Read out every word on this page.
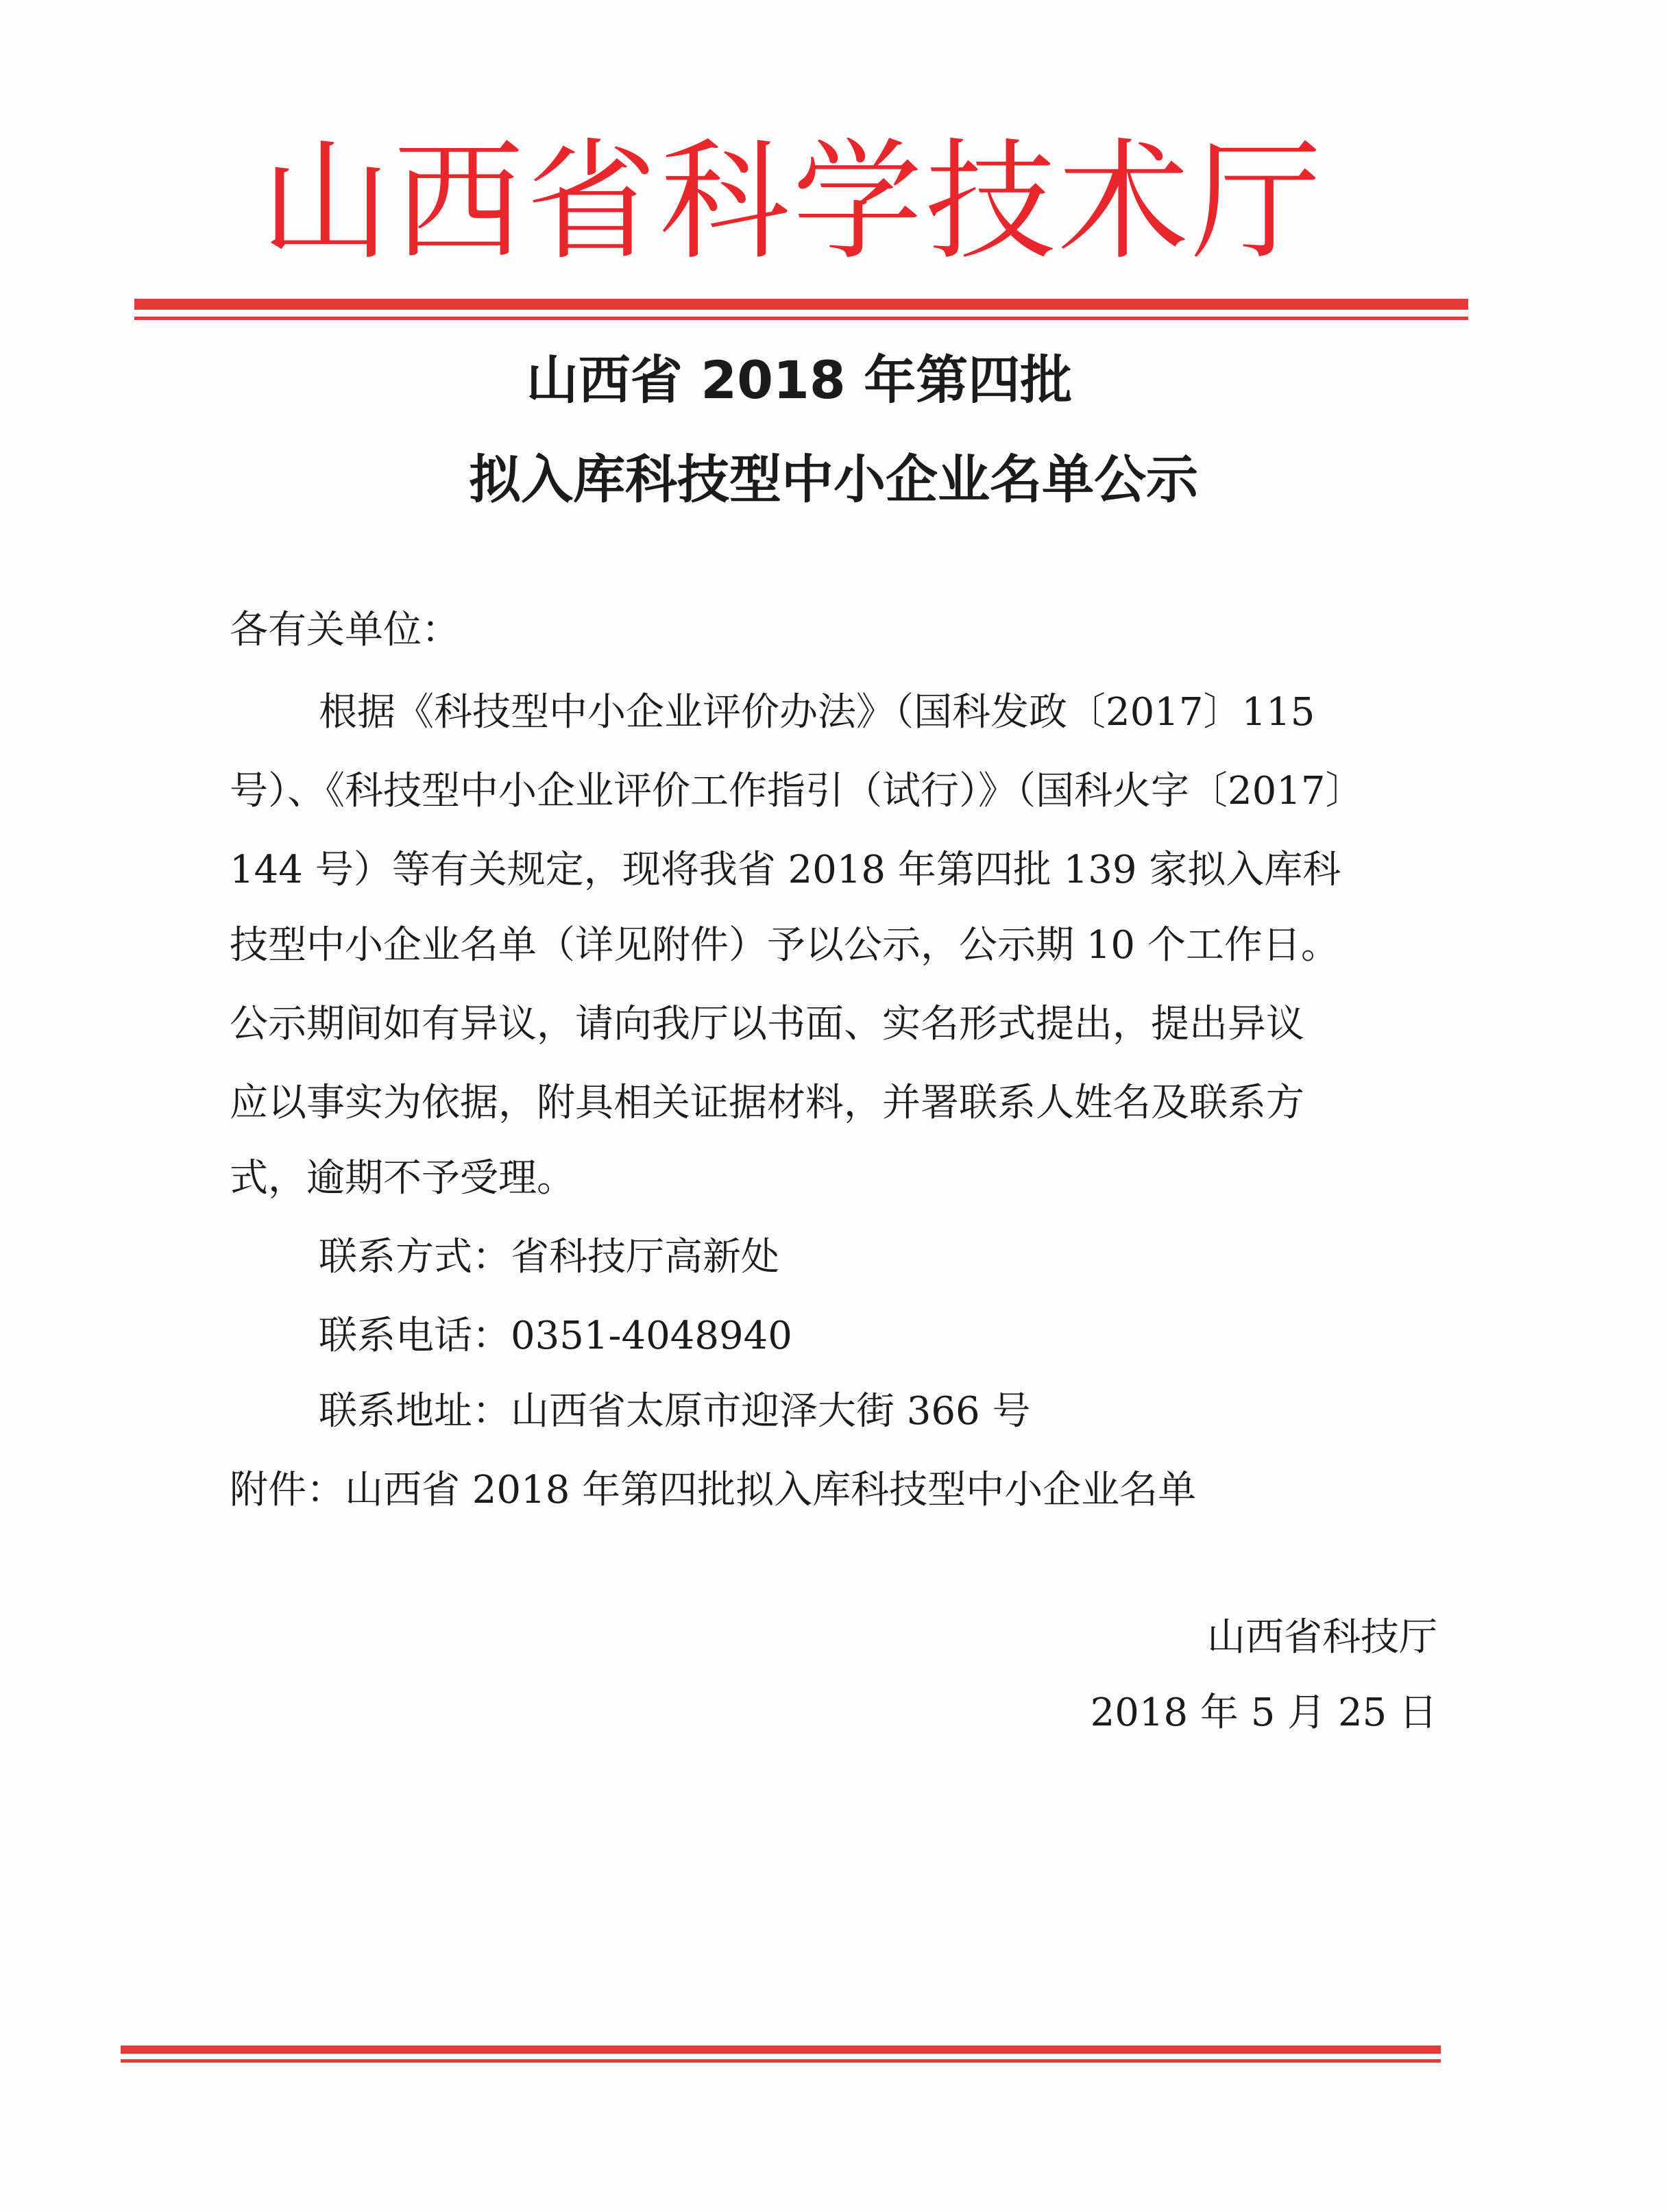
山西省科学技术厅
山西省 2018 年第四批
拟入库科技型中小企业名单公示
各有关单位：
根据《科技型中小企业评价办法》（国科发政〔2017〕115
号）、《科技型中小企业评价工作指引（试行）》（国科火字〔2017〕
144 号）等有关规定，现将我省 2018 年第四批 139 家拟入库科
技型中小企业名单（详见附件）予以公示，公示期 10 个工作日。
公示期间如有异议，请向我厅以书面、实名形式提出，提出异议
应以事实为依据，附具相关证据材料，并署联系人姓名及联系方
式，逾期不予受理。
联系方式：省科技厅高新处
联系电话：0351-4048940
联系地址：山西省太原市迎泽大街 366 号
附件：山西省 2018 年第四批拟入库科技型中小企业名单
山西省科技厅
2018 年 5 月 25 日
